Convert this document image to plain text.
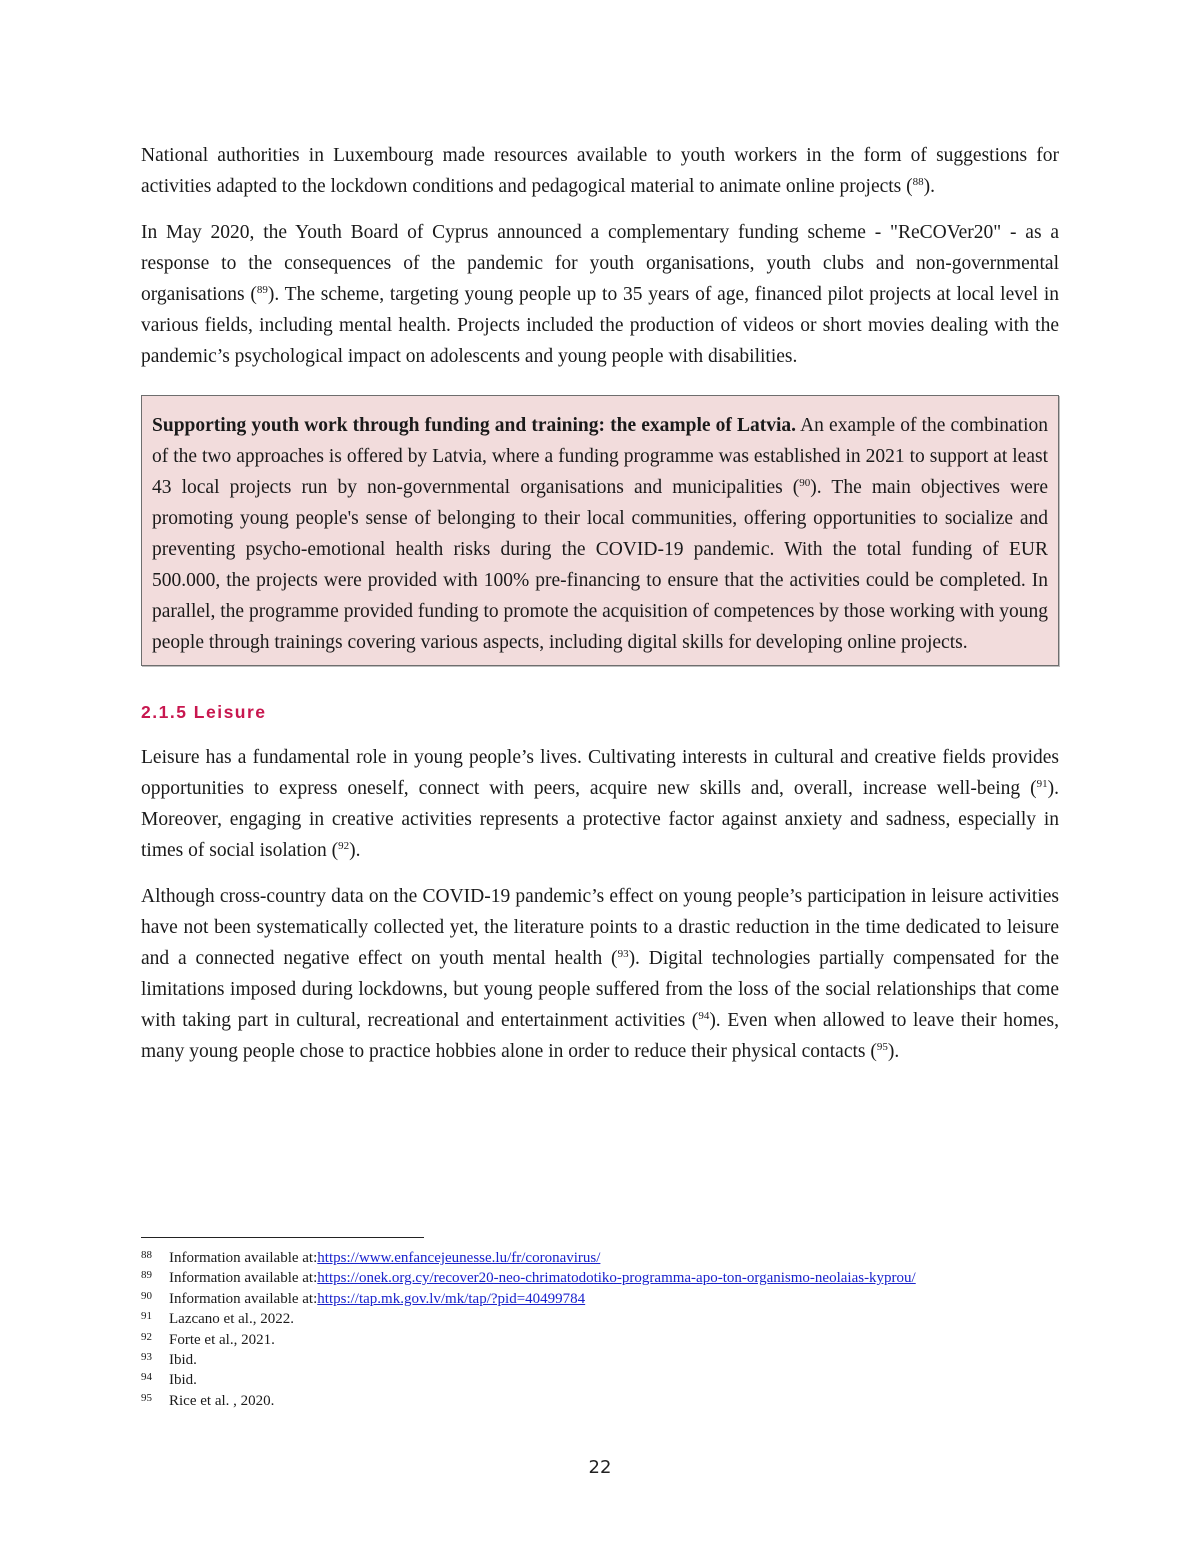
National authorities in Luxembourg made resources available to youth workers in the form of suggestions for activities adapted to the lockdown conditions and pedagogical material to animate online projects ($^{88}$).

In May 2020, the Youth Board of Cyprus announced a complementary funding scheme - "ReCOVer20" - as a response to the consequences of the pandemic for youth organisations, youth clubs and non-governmental organisations ($^{89}$). The scheme, targeting young people up to 35 years of age, financed pilot projects at local level in various fields, including mental health. Projects included the production of videos or short movies dealing with the pandemic’s psychological impact on adolescents and young people with disabilities.

Supporting youth work through funding and training: the example of Latvia. An example of the combination of the two approaches is offered by Latvia, where a funding programme was established in 2021 to support at least 43 local projects run by non-governmental organisations and municipalities ($^{90}$). The main objectives were promoting young people's sense of belonging to their local communities, offering opportunities to socialize and preventing psycho-emotional health risks during the COVID-19 pandemic. With the total funding of EUR 500.000, the projects were provided with 100% pre-financing to ensure that the activities could be completed. In parallel, the programme provided funding to promote the acquisition of competences by those working with young people through trainings covering various aspects, including digital skills for developing online projects.

2.1.5 Leisure

Leisure has a fundamental role in young people’s lives. Cultivating interests in cultural and creative fields provides opportunities to express oneself, connect with peers, acquire new skills and, overall, increase well-being ($^{91}$). Moreover, engaging in creative activities represents a protective factor against anxiety and sadness, especially in times of social isolation ($^{92}$).

Although cross-country data on the COVID-19 pandemic’s effect on young people’s participation in leisure activities have not been systematically collected yet, the literature points to a drastic reduction in the time dedicated to leisure and a connected negative effect on youth mental health ($^{93}$). Digital technologies partially compensated for the limitations imposed during lockdowns, but young people suffered from the loss of the social relationships that come with taking part in cultural, recreational and entertainment activities ($^{94}$). Even when allowed to leave their homes, many young people chose to practice hobbies alone in order to reduce their physical contacts ($^{95}$).

88	Information available at: https://www.enfancejeunesse.lu/fr/coronavirus/
89	Information available at: https://onek.org.cy/recover20-neo-chrimatodotiko-programma-apo-ton-organismo-neolaias-kyprou/
90	Information available at: https://tap.mk.gov.lv/mk/tap/?pid=40499784
91	Lazcano et al., 2022.
92	Forte et al., 2021.
93	Ibid.
94	Ibid.
95	Rice et al. , 2020.
22
